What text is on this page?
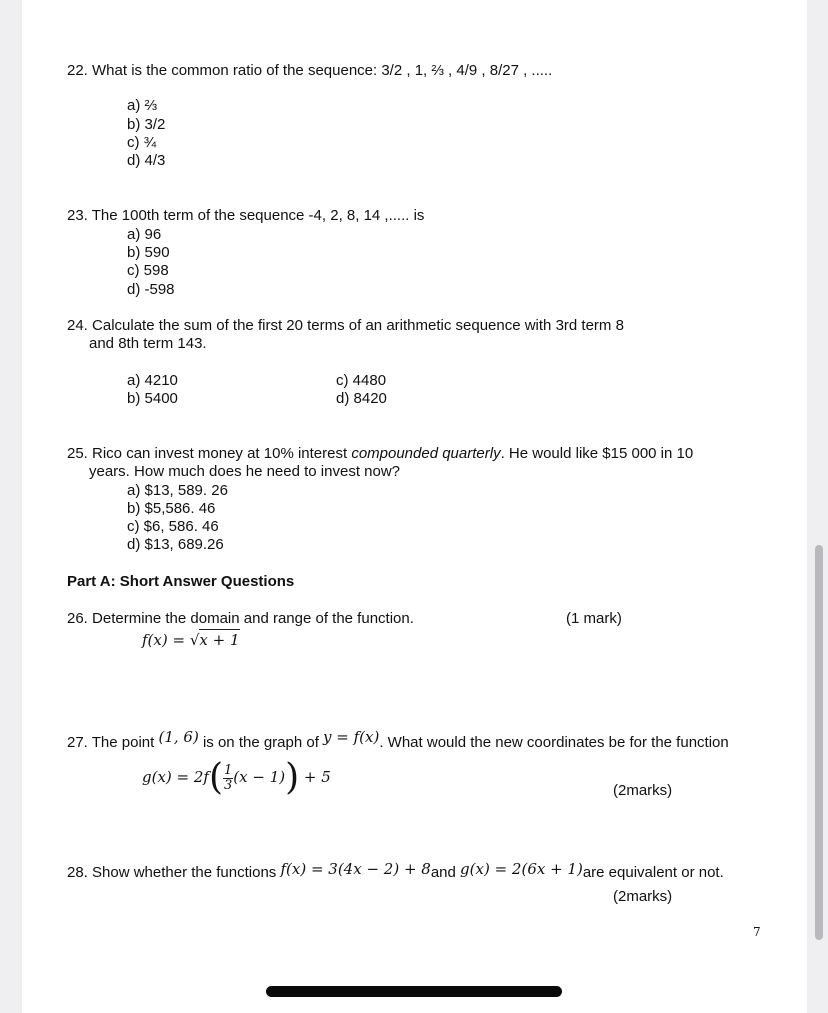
22. What is the common ratio of the sequence: 3/2 , 1, ⅔ , 4/9 , 8/27 , .....
a) ⅔
b) 3/2
c) ¾
d) 4/3
23. The 100th term of the sequence -4, 2, 8, 14 ,..... is
a) 96
b) 590
c) 598
d) -598
24. Calculate the sum of the first 20 terms of an arithmetic sequence with 3rd term 8
and 8th term 143.
a) 4210
b) 5400
c) 4480
d) 8420
25. Rico can invest money at 10% interest compounded quarterly. He would like $15 000 in 10
years. How much does he need to invest now?
a) $13, 589. 26
b) $5,586. 46
c) $6, 586. 46
d) $13, 689.26
Part A: Short Answer Questions
26. Determine the domain and range of the function.	(1 mark)
f(x) = √x + 1
27. The point (1, 6) is on the graph of y = f(x). What would the new coordinates be for the function
$g(x) = 2f( \frac{1}{3} (x - 1)) + 5$
(2marks)
28. Show whether the functions f(x) = 3(4x − 2) + 8and g(x) = 2(6x + 1)are equivalent or not.
(2marks)
7
